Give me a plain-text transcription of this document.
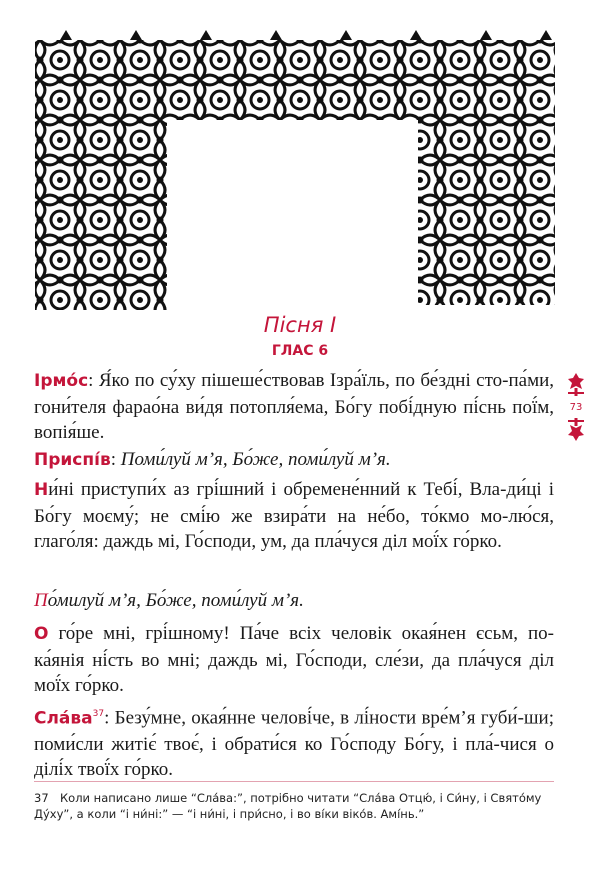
Пісня І
ГЛАС 6
73
Ірмо́с: Я́ко по су́ху пішеше́ствовав Ізра́їль, по бе́здні сто-па́ми, гони́теля фарао́на ви́дя потопля́ема, Бо́гу побі́дную пі́снь пої́м, вопія́ше.
Приспі́в: Поми́луй м’я, Бо́же, поми́луй м’я.
Ни́ні приступи́х аз грі́шний і обремене́нний к Тебі́, Вла-ди́ці і Бо́гу моєму́; не смі́ю же взира́ти на не́бо, то́кмо мо-лю́ся, глаго́ля: даждь мі, Го́споди, ум, да пла́чуся діл мої́х го́рко.
По́милуй м’я, Бо́же, поми́луй м’я.
О го́ре мні, грі́шному! Па́че всіх человік окая́нен єсьм, по-ка́янія ні́сть во мні; даждь мі, Го́споди, сле́зи, да пла́чуся діл мої́х го́рко.
$Сла́ва^{37}$: Безу́мне, окая́нне челові́че, в лі́ности вре́м’я губи́-ши; поми́сли житіє́ твоє́, і обрати́ся ко Го́споду Бо́гу, і пла́-чися о ділі́х твої́х го́рко.
37 Коли написано лише “Сла́ва:”, потрібно читати “Сла́ва Отцю́, і Си́ну, і Свято́му Ду́ху”, а коли “і ни́ні:” — “і ни́ні, і при́сно, і во ві́ки віко́в. Амі́нь.”
